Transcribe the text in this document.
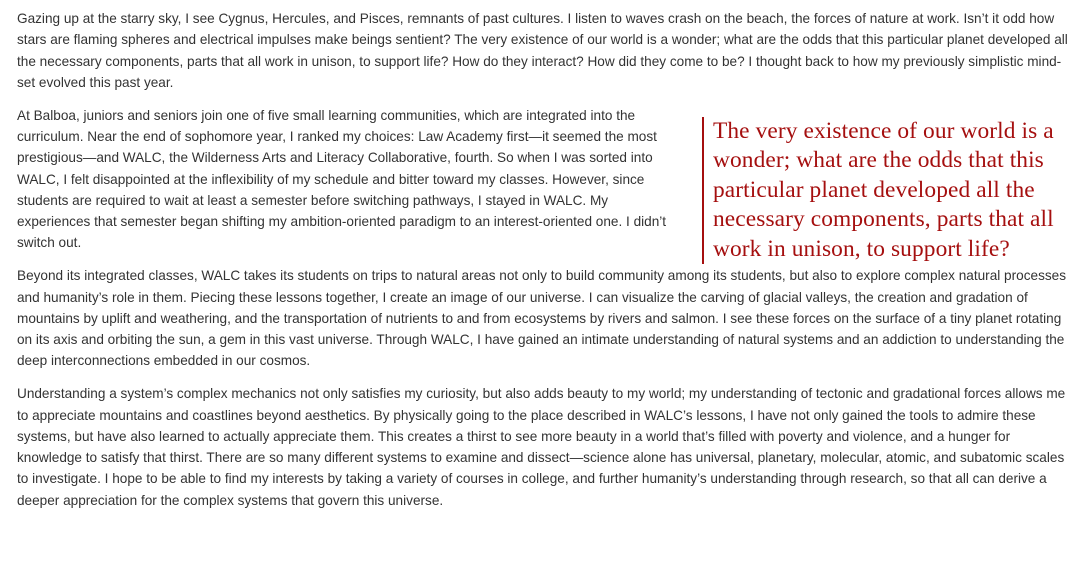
Gazing up at the starry sky, I see Cygnus, Hercules, and Pisces, remnants of past cultures. I listen to waves crash on the beach, the forces of nature at work. Isn’t it odd how stars are flaming spheres and electrical impulses make beings sentient? The very existence of our world is a wonder; what are the odds that this particular planet developed all the necessary components, parts that all work in unison, to support life? How do they interact? How did they come to be? I thought back to how my previously simplistic mind-set evolved this past year.

The very existence of our world is a wonder; what are the odds that this particular planet developed all the necessary components, parts that all work in unison, to support life?

At Balboa, juniors and seniors join one of five small learning communities, which are integrated into the curriculum. Near the end of sophomore year, I ranked my choices: Law Academy first—it seemed the most prestigious—and WALC, the Wilderness Arts and Literacy Collaborative, fourth. So when I was sorted into WALC, I felt disappointed at the inflexibility of my schedule and bitter toward my classes. However, since students are required to wait at least a semester before switching pathways, I stayed in WALC. My experiences that semester began shifting my ambition-oriented paradigm to an interest-oriented one. I didn’t switch out.

Beyond its integrated classes, WALC takes its students on trips to natural areas not only to build community among its students, but also to explore complex natural processes and humanity’s role in them. Piecing these lessons together, I create an image of our universe. I can visualize the carving of glacial valleys, the creation and gradation of mountains by uplift and weathering, and the transportation of nutrients to and from ecosystems by rivers and salmon. I see these forces on the surface of a tiny planet rotating on its axis and orbiting the sun, a gem in this vast universe. Through WALC, I have gained an intimate understanding of natural systems and an addiction to understanding the deep interconnections embedded in our cosmos.

Understanding a system’s complex mechanics not only satisfies my curiosity, but also adds beauty to my world; my understanding of tectonic and gradational forces allows me to appreciate mountains and coastlines beyond aesthetics. By physically going to the place described in WALC’s lessons, I have not only gained the tools to admire these systems, but have also learned to actually appreciate them. This creates a thirst to see more beauty in a world that’s filled with poverty and violence, and a hunger for knowledge to satisfy that thirst. There are so many different systems to examine and dissect—science alone has universal, planetary, molecular, atomic, and subatomic scales to investigate. I hope to be able to find my interests by taking a variety of courses in college, and further humanity’s understanding through research, so that all can derive a deeper appreciation for the complex systems that govern this universe.
